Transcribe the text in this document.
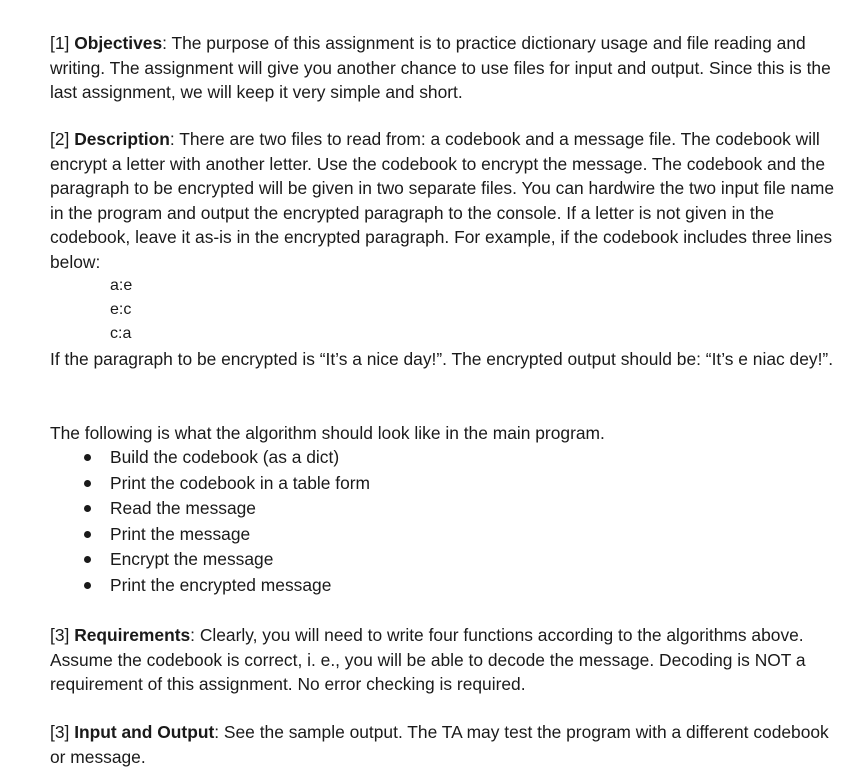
[1] Objectives: The purpose of this assignment is to practice dictionary usage and file reading and writing. The assignment will give you another chance to use files for input and output. Since this is the last assignment, we will keep it very simple and short.

[2] Description: There are two files to read from: a codebook and a message file. The codebook will encrypt a letter with another letter. Use the codebook to encrypt the message. The codebook and the paragraph to be encrypted will be given in two separate files. You can hardwire the two input file name in the program and output the encrypted paragraph to the console. If a letter is not given in the codebook, leave it as-is in the encrypted paragraph. For example, if the codebook includes three lines below:

a:e
e:c
c:a

If the paragraph to be encrypted is “It’s a nice day!”. The encrypted output should be: “It’s e niac dey!”.

The following is what the algorithm should look like in the main program.

Build the codebook (as a dict)
Print the codebook in a table form
Read the message
Print the message
Encrypt the message
Print the encrypted message

[3] Requirements: Clearly, you will need to write four functions according to the algorithms above. Assume the codebook is correct, i. e., you will be able to decode the message. Decoding is NOT a requirement of this assignment. No error checking is required.

[3] Input and Output: See the sample output. The TA may test the program with a different codebook or message.
